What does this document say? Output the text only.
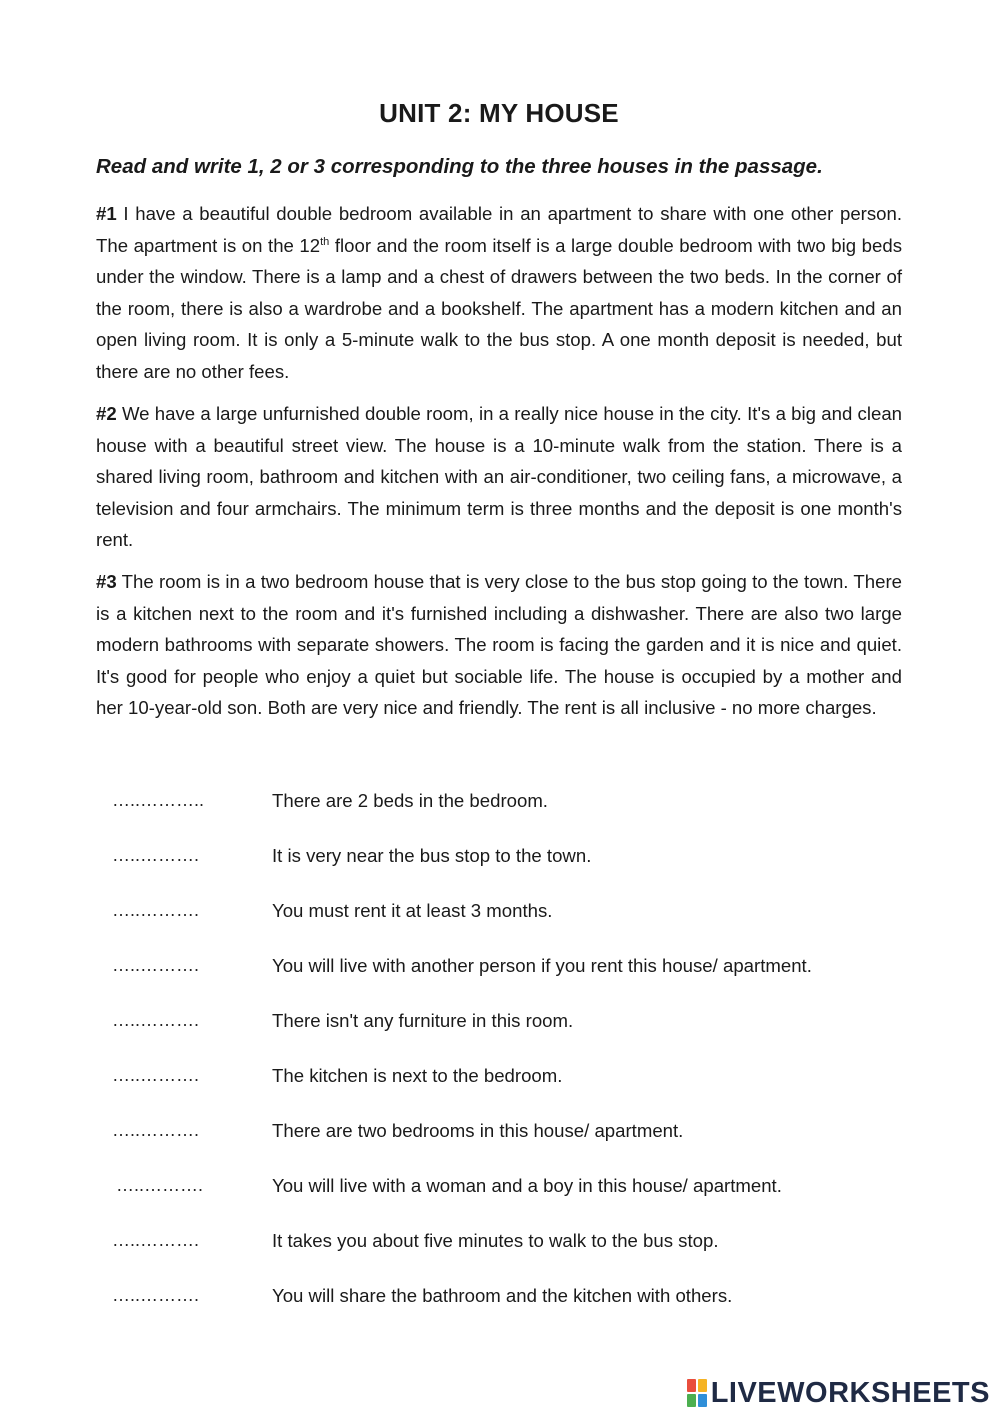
UNIT 2: MY HOUSE
Read and write 1, 2 or 3 corresponding to the three houses in the passage.
#1 I have a beautiful double bedroom available in an apartment to share with one other person. The apartment is on the 12th floor and the room itself is a large double bedroom with two big beds under the window. There is a lamp and a chest of drawers between the two beds. In the corner of the room, there is also a wardrobe and a bookshelf. The apartment has a modern kitchen and an open living room. It is only a 5-minute walk to the bus stop. A one month deposit is needed, but there are no other fees.
#2 We have a large unfurnished double room, in a really nice house in the city. It's a big and clean house with a beautiful street view. The house is a 10-minute walk from the station. There is a shared living room, bathroom and kitchen with an air-conditioner, two ceiling fans, a microwave, a television and four armchairs. The minimum term is three months and the deposit is one month's rent.
#3 The room is in a two bedroom house that is very close to the bus stop going to the town. There is a kitchen next to the room and it's furnished including a dishwasher. There are also two large modern bathrooms with separate showers. The room is facing the garden and it is nice and quiet. It's good for people who enjoy a quiet but sociable life. The house is occupied by a mother and her 10-year-old son. Both are very nice and friendly. The rent is all inclusive - no more charges.
…..………..
There are 2 beds in the bedroom.
…..……….
It is very near the bus stop to the town.
…..……….
You must rent it at least 3 months.
…..……….
You will live with another person if you rent this house/ apartment.
…..……….
There isn't any furniture in this room.
…..……….
The kitchen is next to the bedroom.
…..……….
There are two bedrooms in this house/ apartment.
…..……….
You will live with a woman and a boy in this house/ apartment.
…..……….
It takes you about five minutes to walk to the bus stop.
…..……….
You will share the bathroom and the kitchen with others.
LIVEWORKSHEETS
